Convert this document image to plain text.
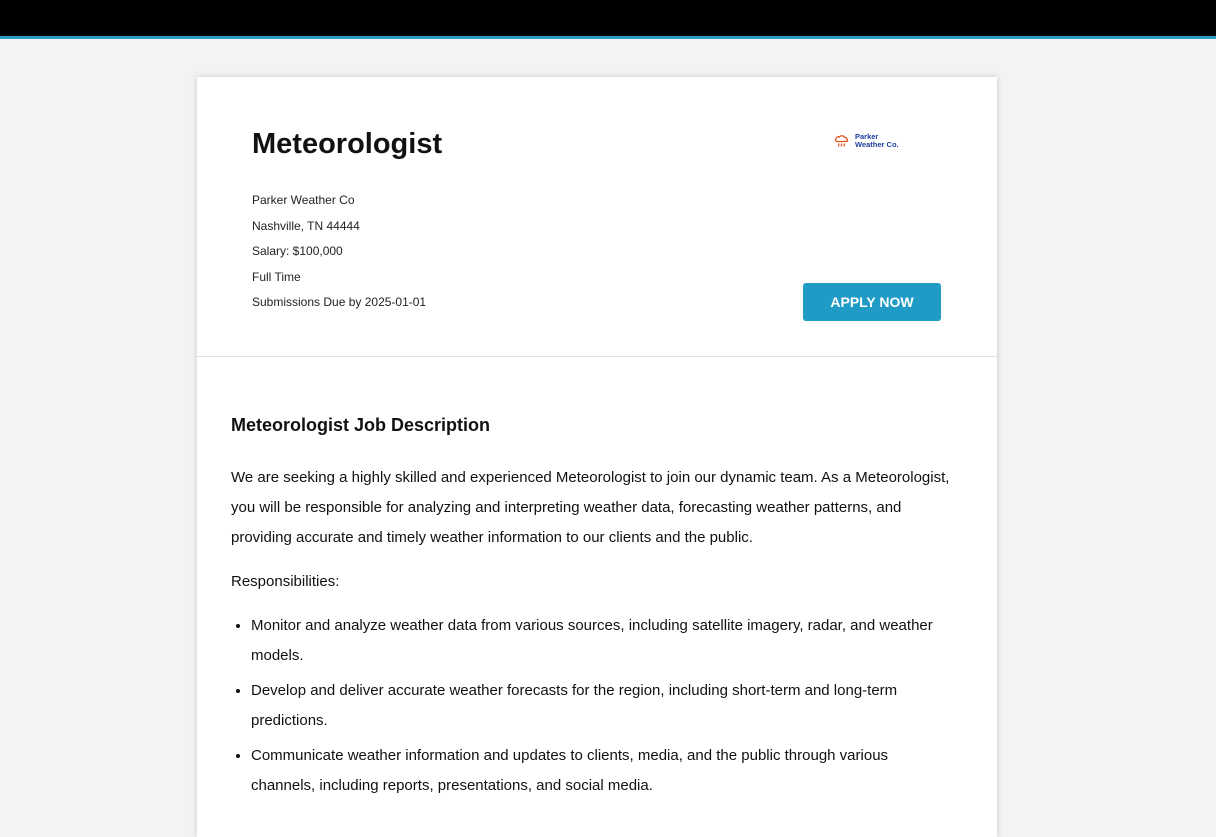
Meteorologist
Parker Weather Co
Nashville, TN 44444
Salary: $100,000
Full Time
Submissions Due by 2025-01-01
Parker
Weather Co.
APPLY NOW
Meteorologist Job Description

We are seeking a highly skilled and experienced Meteorologist to join our dynamic team. As a Meteorologist, you will be responsible for analyzing and interpreting weather data, forecasting weather patterns, and providing accurate and timely weather information to our clients and the public.

Responsibilities:

• Monitor and analyze weather data from various sources, including satellite imagery, radar, and weather models.
• Develop and deliver accurate weather forecasts for the region, including short-term and long-term predictions.
• Communicate weather information and updates to clients, media, and the public through various channels, including reports, presentations, and social media.
